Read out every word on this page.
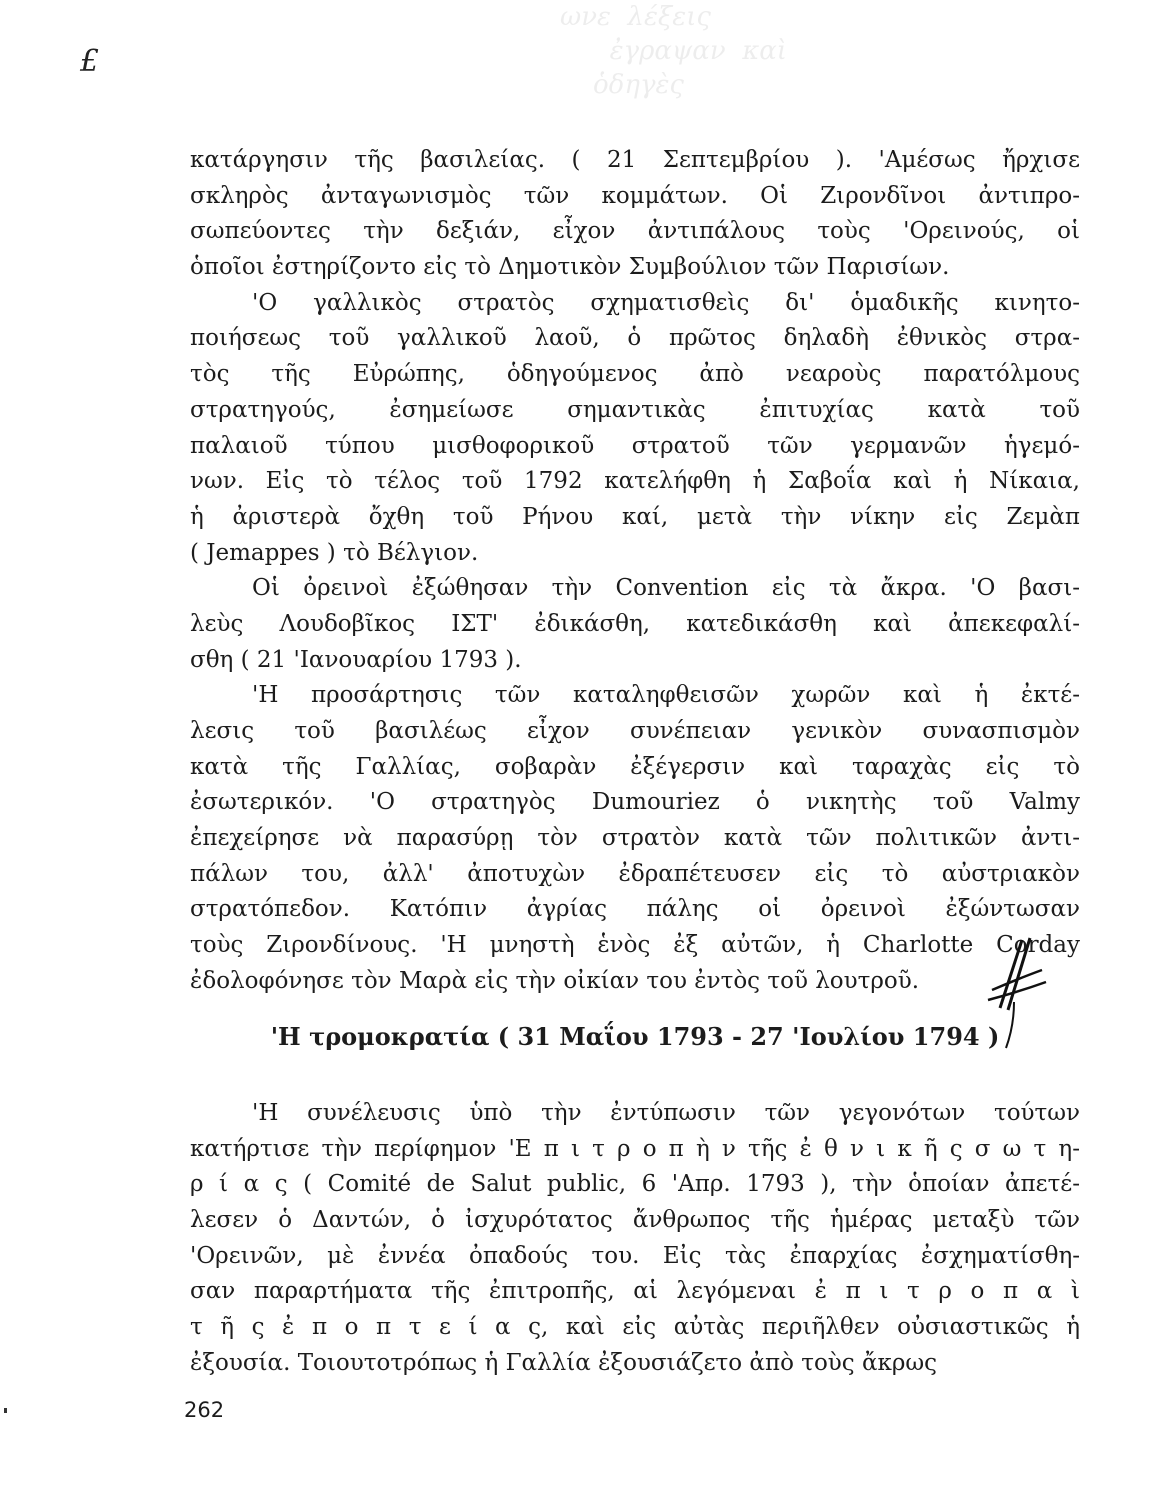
ωνε  λέξεις
ἐγραψαν  καὶ
ὁδηγὲς

£
κατάργησιν τῆς βασιλείας. ( 21 Σεπτεμβρίου ). 'Αμέσως ἤρχισε
σκληρὸς ἀνταγωνισμὸς τῶν κομμάτων. Οἱ Ζιρονδῖνοι ἀντιπρο-
σωπεύοντες τὴν δεξιάν, εἶχον ἀντιπάλους τοὺς 'Ορεινούς, οἱ
ὁποῖοι ἐστηρίζοντο εἰς τὸ Δημοτικὸν Συμβούλιον τῶν Παρισίων.
'Ο γαλλικὸς στρατὸς σχηματισθεὶς δι' ὁμαδικῆς κινητο-
ποιήσεως τοῦ γαλλικοῦ λαοῦ, ὁ πρῶτος δηλαδὴ ἐθνικὸς στρα-
τὸς τῆς Εὐρώπης, ὁδηγούμενος ἀπὸ νεαροὺς παρατόλμους
στρατηγούς, ἐσημείωσε σημαντικὰς ἐπιτυχίας κατὰ τοῦ
παλαιοῦ τύπου μισθοφορικοῦ στρατοῦ τῶν γερμανῶν ἡγεμό-
νων. Εἰς τὸ τέλος τοῦ 1792 κατελήφθη ἡ Σαβοΐα καὶ ἡ Νίκαια,
ἡ ἀριστερὰ ὄχθη τοῦ Ρήνου καί, μετὰ τὴν νίκην εἰς Ζεμὰπ
( Jemappes ) τὸ Βέλγιον.
Οἱ ὀρεινοὶ ἐξώθησαν τὴν Convention εἰς τὰ ἄκρα. 'Ο βασι-
λεὺς Λουδοβῖκος ΙΣΤ' ἐδικάσθη, κατεδικάσθη καὶ ἀπεκεφαλί-
σθη ( 21 'Ιανουαρίου 1793 ).
'Η προσάρτησις τῶν καταληφθεισῶν χωρῶν καὶ ἡ ἐκτέ-
λεσις τοῦ βασιλέως εἶχον συνέπειαν γενικὸν συνασπισμὸν
κατὰ τῆς Γαλλίας, σοβαρὰν ἐξέγερσιν καὶ ταραχὰς εἰς τὸ
ἐσωτερικόν. 'Ο στρατηγὸς Dumouriez ὁ νικητὴς τοῦ Valmy
ἐπεχείρησε νὰ παρασύρῃ τὸν στρατὸν κατὰ τῶν πολιτικῶν ἀντι-
πάλων του, ἀλλ' ἀποτυχὼν ἐδραπέτευσεν εἰς τὸ αὐστριακὸν
στρατόπεδον. Κατόπιν ἀγρίας πάλης οἱ ὀρεινοὶ ἐξώντωσαν
τοὺς Ζιρονδίνους. 'Η μνηστὴ ἑνὸς ἐξ αὐτῶν, ἡ Charlotte Corday
ἐδολοφόνησε τὸν Μαρὰ εἰς τὴν οἰκίαν του ἐντὸς τοῦ λουτροῦ.
'Η τρομοκρατία ( 31 Μαΐου 1793 - 27 'Ιουλίου 1794 )
'Η συνέλευσις ὑπὸ τὴν ἐντύπωσιν τῶν γεγονότων τούτων
κατήρτισε τὴν περίφημον 'Ε π ι τ ρ ο π ὴ ν τῆς ἐ θ ν ι κ ῆ ς σ ω τ η-
ρ ί α ς ( Comité de Salut public, 6 'Απρ. 1793 ), τὴν ὁποίαν ἀπετέ-
λεσεν ὁ Δαντών, ὁ ἰσχυρότατος ἄνθρωπος τῆς ἡμέρας μεταξὺ τῶν
'Ορεινῶν, μὲ ἐννέα ὀπαδούς του. Εἰς τὰς ἐπαρχίας ἐσχηματίσθη-
σαν παραρτήματα τῆς ἐπιτροπῆς, αἱ λεγόμεναι ἐ π ι τ ρ ο π α ὶ
τ ῆ ς ἐ π ο π τ ε ί α ς, καὶ εἰς αὐτὰς περιῆλθεν οὐσιαστικῶς ἡ
ἐξουσία. Τοιουτοτρόπως ἡ Γαλλία ἐξουσιάζετο ἀπὸ τοὺς ἄκρως
262
